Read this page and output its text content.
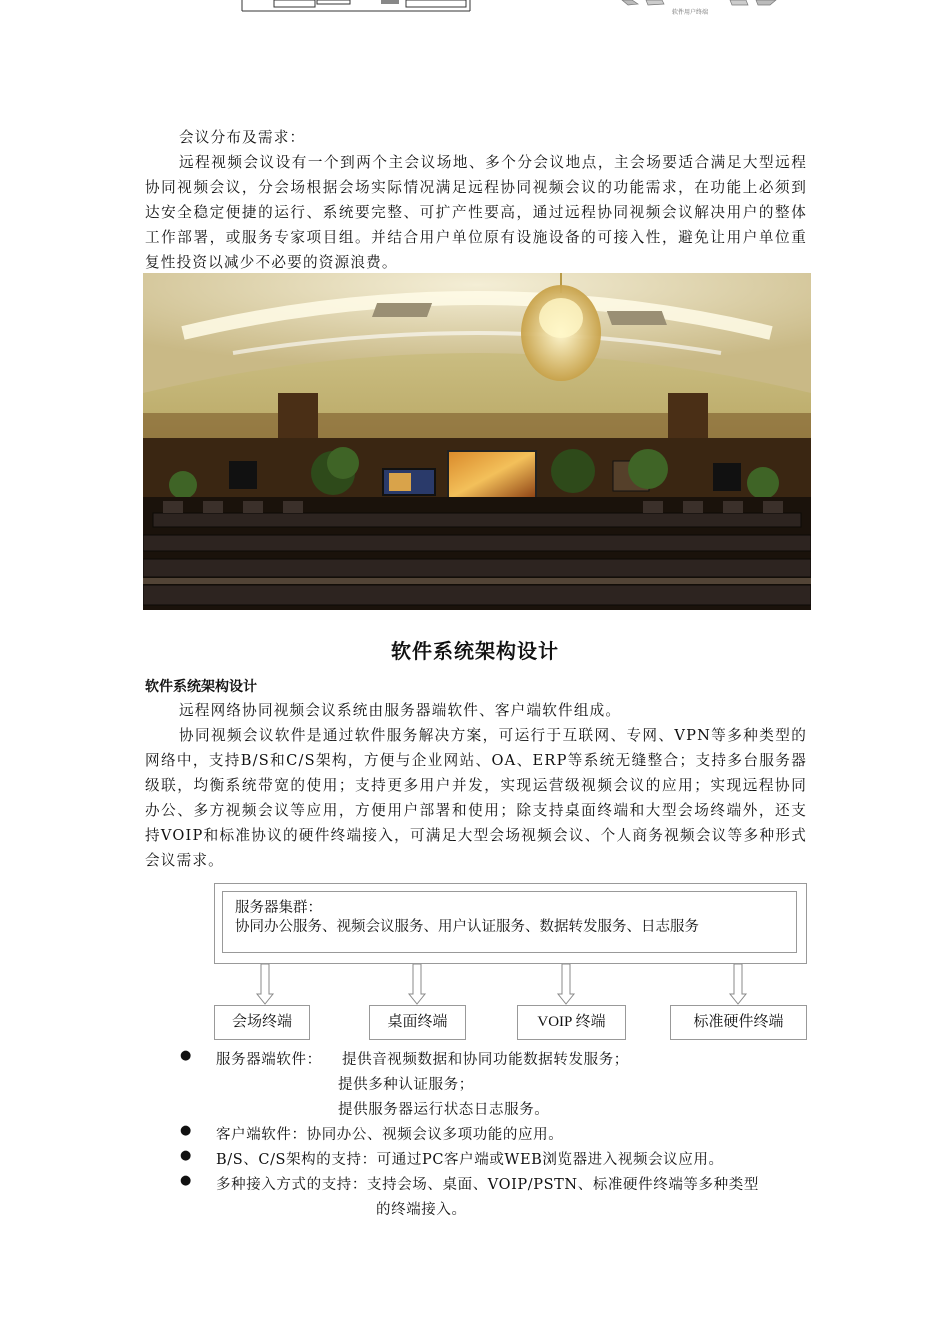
软件用户终端

会议分布及需求：

远程视频会议设有一个到两个主会议场地、多个分会议地点，主会场要适合满足大型远程协同视频会议，分会场根据会场实际情况满足远程协同视频会议的功能需求，在功能上必须到达安全稳定便捷的运行、系统要完整、可扩产性要高，通过远程协同视频会议解决用户的整体工作部署，或服务专家项目组。并结合用户单位原有设施设备的可接入性，避免让用户单位重复性投资以减少不必要的资源浪费。

软件系统架构设计
软件系统架构设计

远程网络协同视频会议系统由服务器端软件、客户端软件组成。

协同视频会议软件是通过软件服务解决方案，可运行于互联网、专网、VPN等多种类型的网络中，支持B/S和C/S架构，方便与企业网站、OA、ERP等系统无缝整合；支持多台服务器级联，均衡系统带宽的使用；支持更多用户并发，实现运营级视频会议的应用；实现远程协同办公、多方视频会议等应用，方便用户部署和使用；除支持桌面终端和大型会场终端外，还支持VOIP和标准协议的硬件终端接入，可满足大型会场视频会议、个人商务视频会议等多种形式会议需求。

服务器集群：
协同办公服务、视频会议服务、用户认证服务、数据转发服务、日志服务
会场终端	桌面终端	VOIP 终端	标准硬件终端
● 服务器端软件： 提供音视频数据和协同功能数据转发服务；
提供多种认证服务；
提供服务器运行状态日志服务。
● 客户端软件：协同办公、视频会议多项功能的应用。
● B/S、C/S架构的支持：可通过PC客户端或WEB浏览器进入视频会议应用。
● 多种接入方式的支持：支持会场、桌面、VOIP/PSTN、标准硬件终端等多种类型
的终端接入。
